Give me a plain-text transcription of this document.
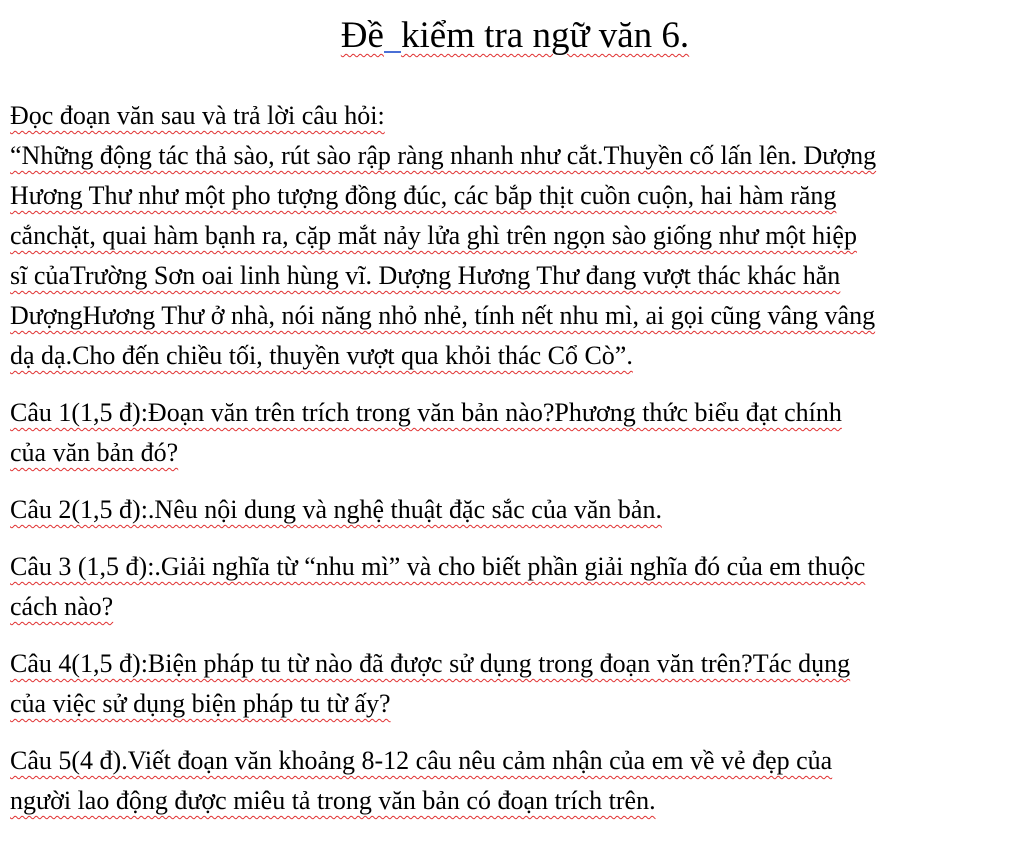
Đề kiểm tra ngữ văn 6.

Đọc đoạn văn sau và trả lời câu hỏi:
“Những động tác thả sào, rút sào rập ràng nhanh như cắt.Thuyền cố lấn lên. Dượng
Hương Thư như một pho tượng đồng đúc, các bắp thịt cuồn cuộn, hai hàm răng
cắnchặt, quai hàm bạnh ra, cặp mắt nảy lửa ghì trên ngọn sào giống như một hiệp
sĩ củaTrường Sơn oai linh hùng vĩ. Dượng Hương Thư đang vượt thác khác hẳn
DượngHương Thư ở nhà, nói năng nhỏ nhẻ, tính nết nhu mì, ai gọi cũng vâng vâng
dạ dạ.Cho đến chiều tối, thuyền vượt qua khỏi thác Cổ Cò”.

Câu 1(1,5 đ):Đoạn văn trên trích trong văn bản nào?Phương thức biểu đạt chính
của văn bản đó?

Câu 2(1,5 đ):.Nêu nội dung và nghệ thuật đặc sắc của văn bản.

Câu 3 (1,5 đ):.Giải nghĩa từ “nhu mì” và cho biết phần giải nghĩa đó của em thuộc
cách nào?

Câu 4(1,5 đ):Biện pháp tu từ nào đã được sử dụng trong đoạn văn trên?Tác dụng
của việc sử dụng biện pháp tu từ ấy?

Câu 5(4 đ).Viết đoạn văn khoảng 8-12 câu nêu cảm nhận của em về vẻ đẹp của
người lao động được miêu tả trong văn bản có đoạn trích trên.
